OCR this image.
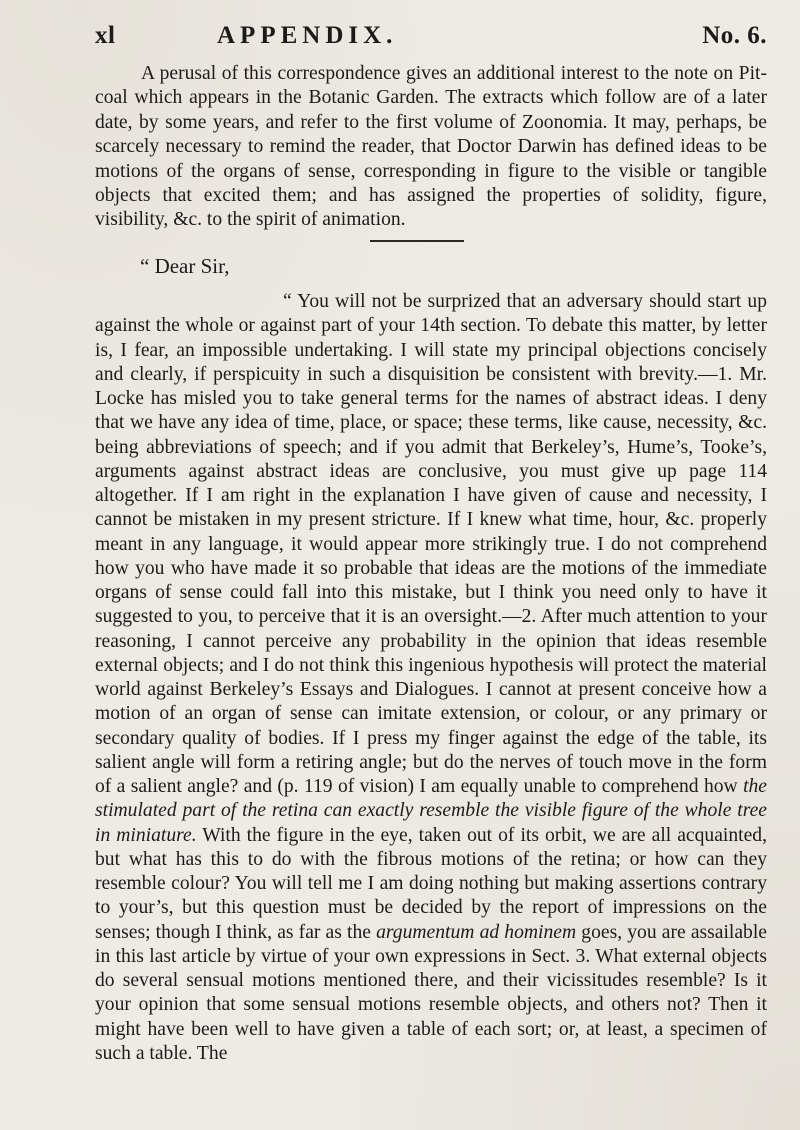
xl	APPENDIX.	No. 6.

A perusal of this correspondence gives an additional interest to the note on Pit-coal which appears in the Botanic Garden. The extracts which follow are of a later date, by some years, and refer to the first volume of Zoonomia. It may, perhaps, be scarcely necessary to remind the reader, that Doctor Darwin has defined ideas to be motions of the organs of sense, corresponding in figure to the visible or tangible objects that excited them; and has assigned the properties of solidity, figure, visibility, &c. to the spirit of animation.

“ Dear Sir,

“ You will not be surprized that an adversary should start up against the whole or against part of your 14th section. To debate this matter, by letter is, I fear, an impossible undertaking. I will state my principal objections concisely and clearly, if perspicuity in such a disquisition be consistent with brevity.—1. Mr. Locke has misled you to take general terms for the names of abstract ideas. I deny that we have any idea of time, place, or space; these terms, like cause, necessity, &c. being abbreviations of speech; and if you admit that Berkeley’s, Hume’s, Tooke’s, arguments against abstract ideas are conclusive, you must give up page 114 altogether. If I am right in the explanation I have given of cause and necessity, I cannot be mistaken in my present stricture. If I knew what time, hour, &c. properly meant in any language, it would appear more strikingly true. I do not comprehend how you who have made it so probable that ideas are the motions of the immediate organs of sense could fall into this mistake, but I think you need only to have it suggested to you, to perceive that it is an oversight.—2. After much attention to your reasoning, I cannot perceive any probability in the opinion that ideas resemble external objects; and I do not think this ingenious hypothesis will protect the material world against Berkeley’s Essays and Dialogues. I cannot at present conceive how a motion of an organ of sense can imitate extension, or colour, or any primary or secondary quality of bodies. If I press my finger against the edge of the table, its salient angle will form a retiring angle; but do the nerves of touch move in the form of a salient angle? and (p. 119 of vision) I am equally unable to comprehend how the stimulated part of the retina can exactly resemble the visible figure of the whole tree in miniature. With the figure in the eye, taken out of its orbit, we are all acquainted, but what has this to do with the fibrous motions of the retina; or how can they resemble colour? You will tell me I am doing nothing but making assertions contrary to your’s, but this question must be decided by the report of impressions on the senses; though I think, as far as the argumentum ad hominem goes, you are assailable in this last article by virtue of your own expressions in Sect. 3. What external objects do several sensual motions mentioned there, and their vicissitudes resemble? Is it your opinion that some sensual motions resemble objects, and others not? Then it might have been well to have given a table of each sort; or, at least, a specimen of such a table. The
